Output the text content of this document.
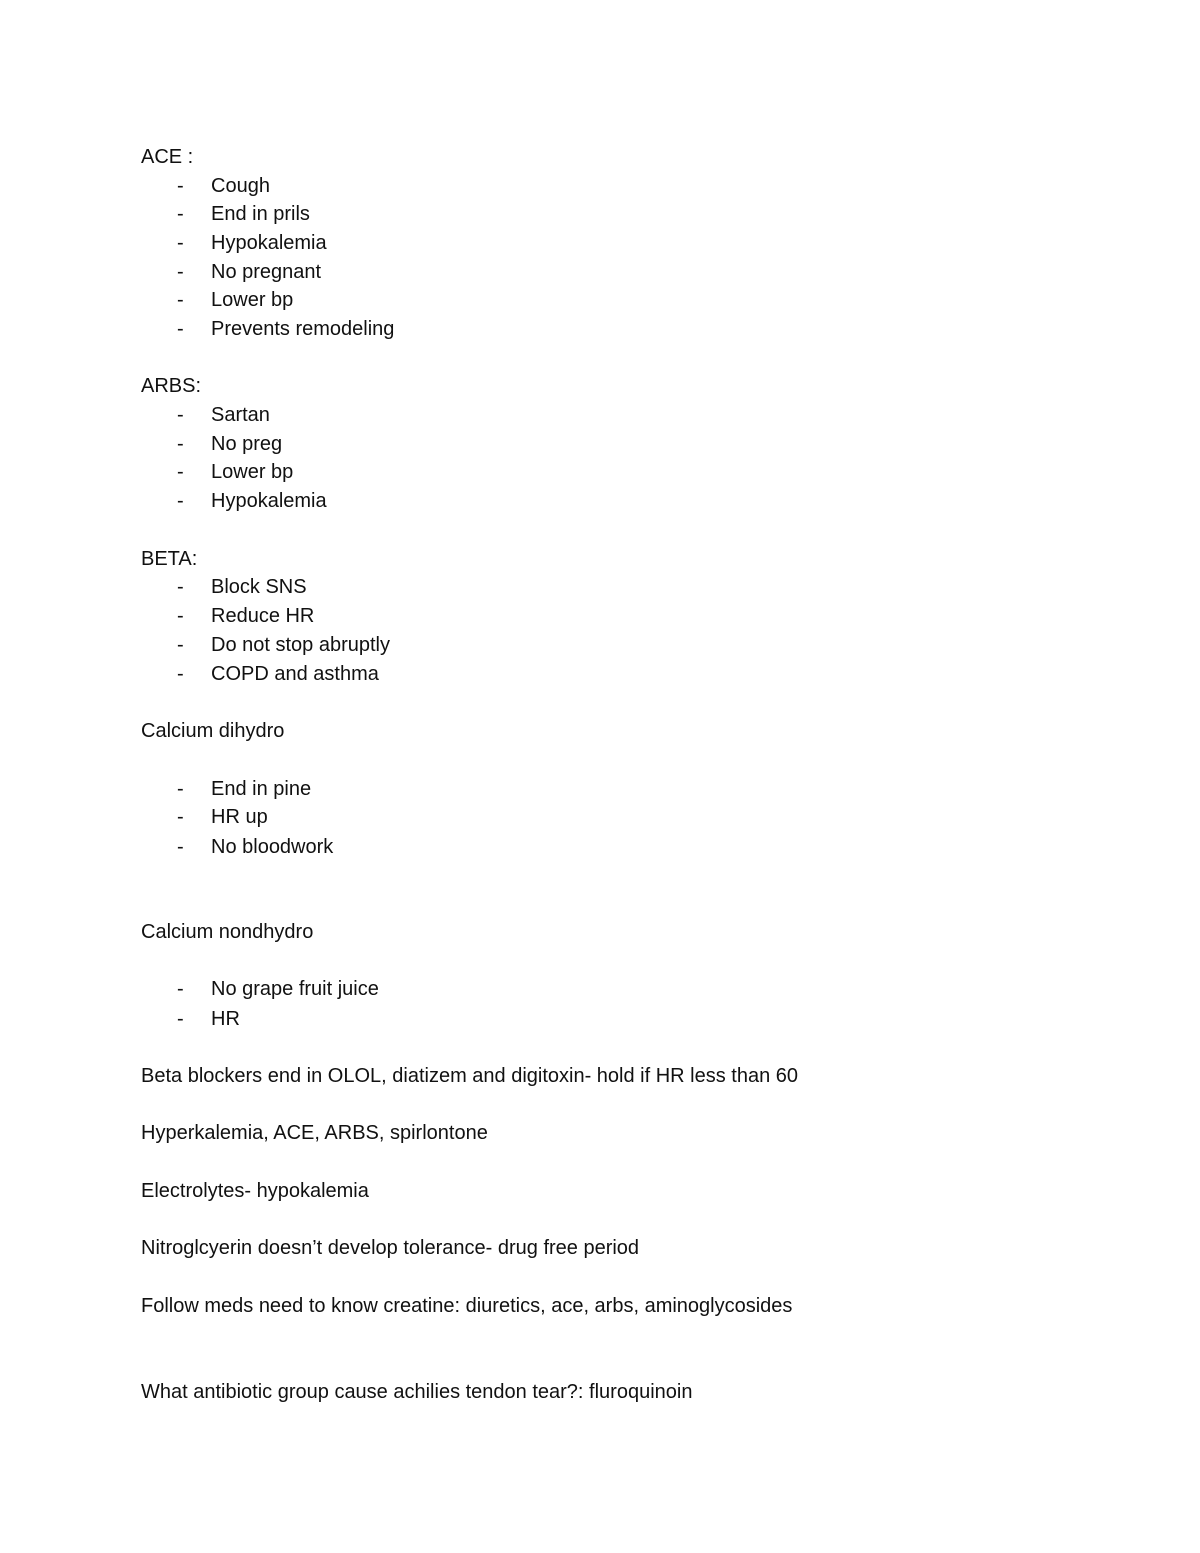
ACE :
- Cough
- End in prils
- Hypokalemia
- No pregnant
- Lower bp
- Prevents remodeling
ARBS:
- Sartan
- No preg
- Lower bp
- Hypokalemia
BETA:
- Block SNS
- Reduce HR
- Do not stop abruptly
- COPD and asthma
Calcium dihydro
- End in pine
- HR up
- No bloodwork
Calcium nondhydro
- No grape fruit juice
- HR
Beta blockers end in OLOL, diatizem and digitoxin- hold if HR less than 60
Hyperkalemia, ACE, ARBS, spirlontone
Electrolytes- hypokalemia
Nitroglcyerin doesn’t develop tolerance- drug free period
Follow meds need to know creatine: diuretics, ace, arbs, aminoglycosides
What antibiotic group cause achilies tendon tear?: fluroquinoin
